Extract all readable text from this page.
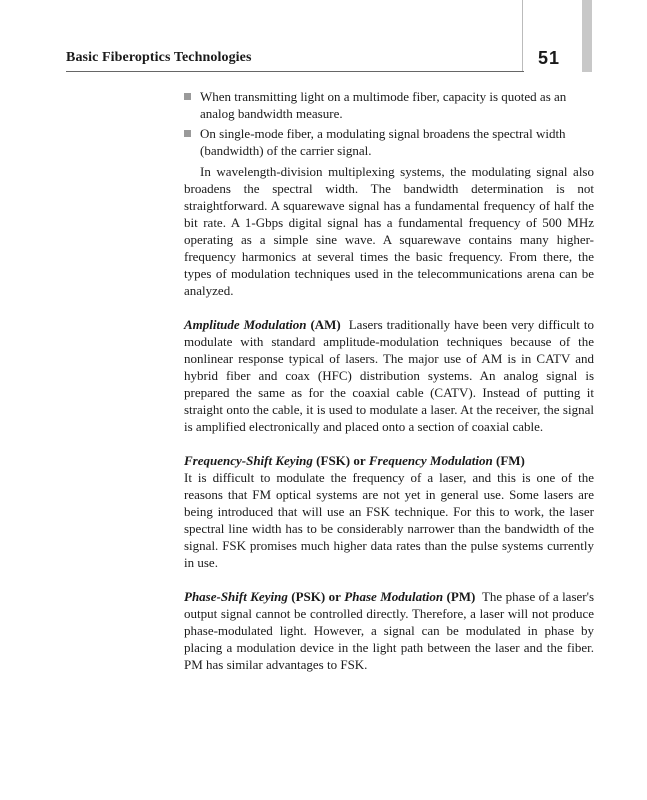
Basic Fiberoptics Technologies	51
When transmitting light on a multimode fiber, capacity is quoted as an analog bandwidth measure.
On single-mode fiber, a modulating signal broadens the spectral width (bandwidth) of the carrier signal.

In wavelength-division multiplexing systems, the modulating signal also broadens the spectral width. The bandwidth determination is not straightforward. A squarewave signal has a fundamental frequency of half the bit rate. A 1-Gbps digital signal has a fundamental frequency of 500 MHz operating as a simple sine wave. A squarewave contains many higher-frequency harmonics at several times the basic frequency. From there, the types of modulation techniques used in the telecommunications arena can be analyzed.

Amplitude Modulation (AM) Lasers traditionally have been very difficult to modulate with standard amplitude-modulation techniques because of the nonlinear response typical of lasers. The major use of AM is in CATV and hybrid fiber and coax (HFC) distribution systems. An analog signal is prepared the same as for the coaxial cable (CATV). Instead of putting it straight onto the cable, it is used to modulate a laser. At the receiver, the signal is amplified electronically and placed onto a section of coaxial cable.

Frequency-Shift Keying (FSK) or Frequency Modulation (FM)
It is difficult to modulate the frequency of a laser, and this is one of the reasons that FM optical systems are not yet in general use. Some lasers are being introduced that will use an FSK technique. For this to work, the laser spectral line width has to be considerably narrower than the bandwidth of the signal. FSK promises much higher data rates than the pulse systems currently in use.

Phase-Shift Keying (PSK) or Phase Modulation (PM) The phase of a laser's output signal cannot be controlled directly. Therefore, a laser will not produce phase-modulated light. However, a signal can be modulated in phase by placing a modulation device in the light path between the laser and the fiber. PM has similar advantages to FSK.
